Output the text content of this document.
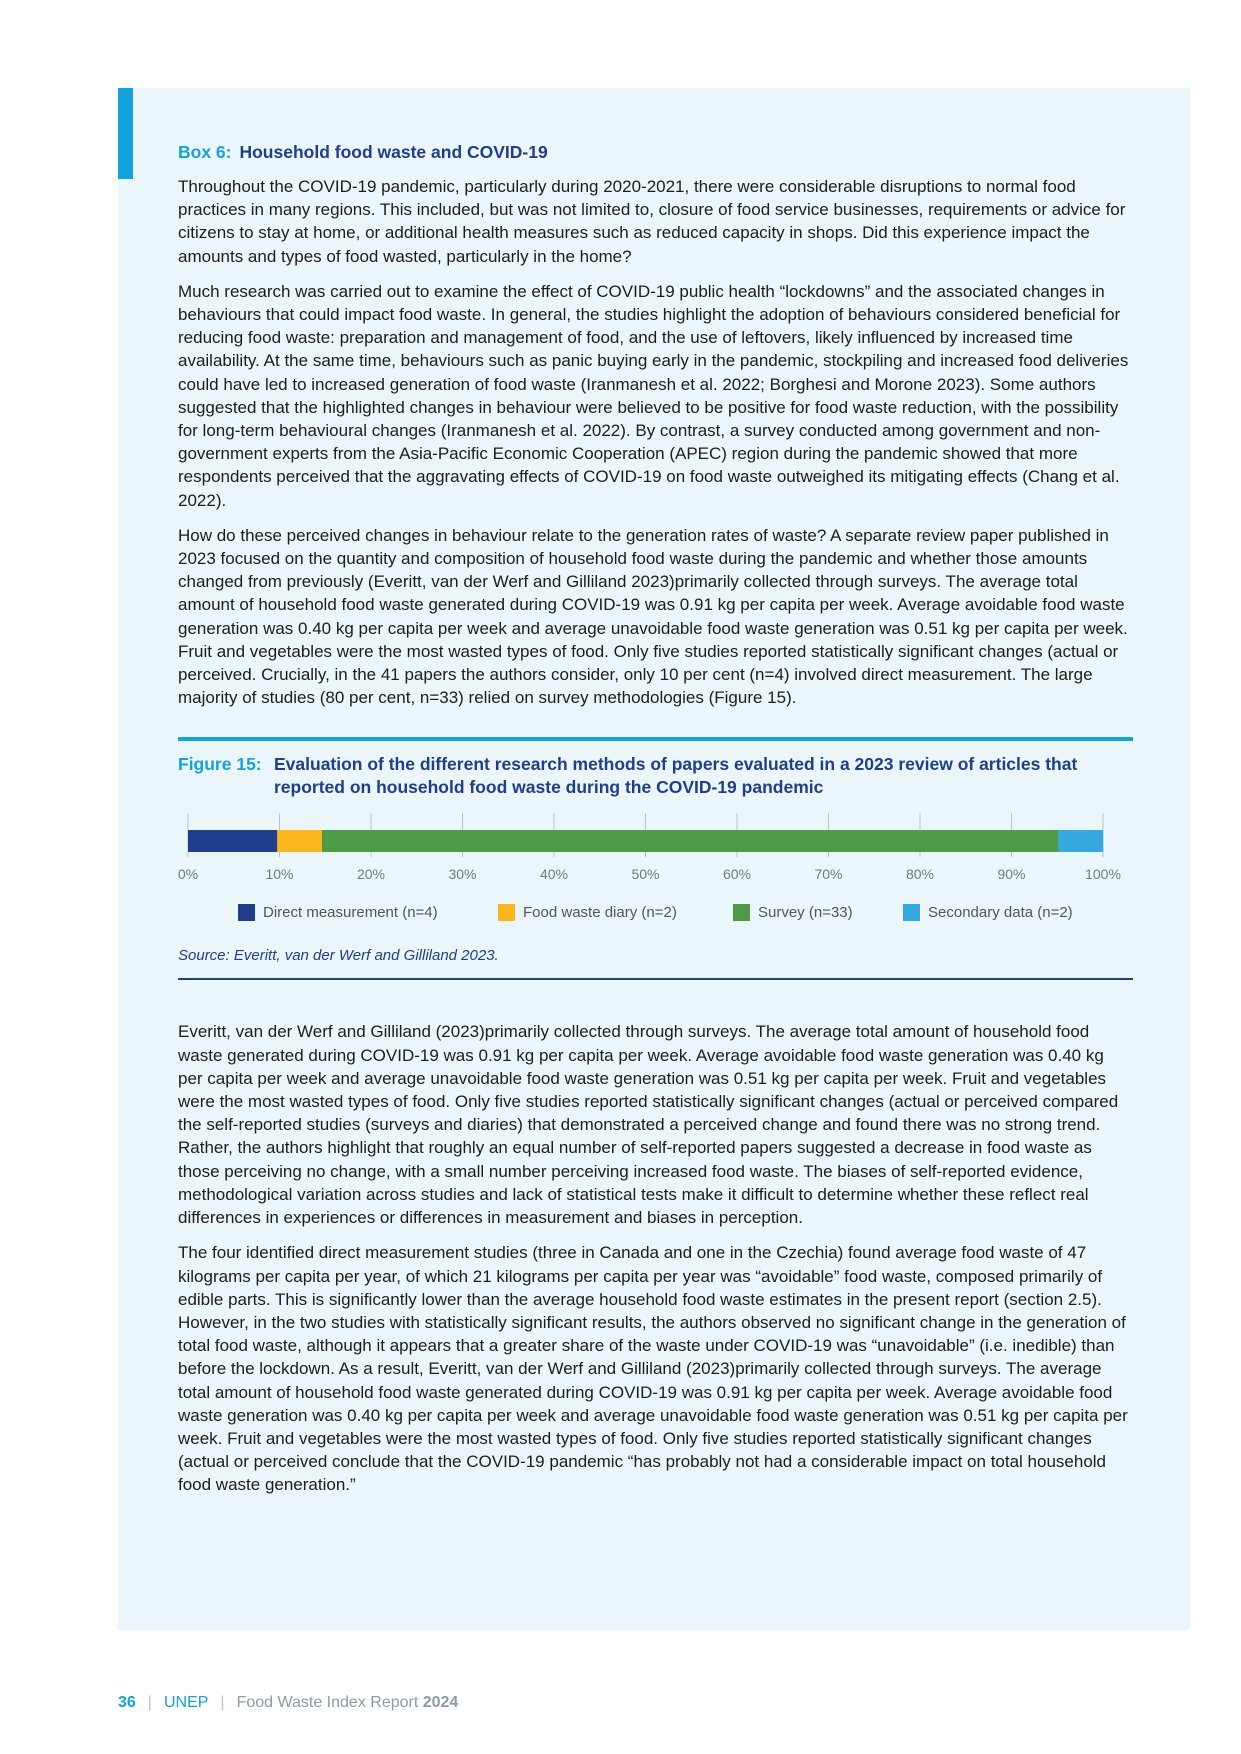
Box 6: Household food waste and COVID-19

Throughout the COVID-19 pandemic, particularly during 2020-2021, there were considerable disruptions to normal food practices in many regions. This included, but was not limited to, closure of food service businesses, requirements or advice for citizens to stay at home, or additional health measures such as reduced capacity in shops. Did this experience impact the amounts and types of food wasted, particularly in the home?

Much research was carried out to examine the effect of COVID-19 public health “lockdowns” and the associated changes in behaviours that could impact food waste. In general, the studies highlight the adoption of behaviours considered beneficial for reducing food waste: preparation and management of food, and the use of leftovers, likely influenced by increased time availability. At the same time, behaviours such as panic buying early in the pandemic, stockpiling and increased food deliveries could have led to increased generation of food waste (Iranmanesh et al. 2022; Borghesi and Morone 2023). Some authors suggested that the highlighted changes in behaviour were believed to be positive for food waste reduction, with the possibility for long-term behavioural changes (Iranmanesh et al. 2022). By contrast, a survey conducted among government and non-government experts from the Asia-Pacific Economic Cooperation (APEC) region during the pandemic showed that more respondents perceived that the aggravating effects of COVID-19 on food waste outweighed its mitigating effects (Chang et al. 2022).

How do these perceived changes in behaviour relate to the generation rates of waste? A separate review paper published in 2023 focused on the quantity and composition of household food waste during the pandemic and whether those amounts changed from previously (Everitt, van der Werf and Gilliland 2023)primarily collected through surveys. The average total amount of household food waste generated during COVID-19 was 0.91 kg per capita per week. Average avoidable food waste generation was 0.40 kg per capita per week and average unavoidable food waste generation was 0.51 kg per capita per week. Fruit and vegetables were the most wasted types of food. Only five studies reported statistically significant changes (actual or perceived. Crucially, in the 41 papers the authors consider, only 10 per cent (n=4) involved direct measurement. The large majority of studies (80 per cent, n=33) relied on survey methodologies (Figure 15).

Figure 15: Evaluation of the different research methods of papers evaluated in a 2023 review of articles that reported on household food waste during the COVID-19 pandemic
0%	10%	20%	30%	40%	50%	60%	70%	80%	90%	100%
Direct measurement (n=4)	Food waste diary (n=2)	Survey (n=33)	Secondary data (n=2)
Source: Everitt, van der Werf and Gilliland 2023.

Everitt, van der Werf and Gilliland (2023)primarily collected through surveys. The average total amount of household food waste generated during COVID-19 was 0.91 kg per capita per week. Average avoidable food waste generation was 0.40 kg per capita per week and average unavoidable food waste generation was 0.51 kg per capita per week. Fruit and vegetables were the most wasted types of food. Only five studies reported statistically significant changes (actual or perceived compared the self-reported studies (surveys and diaries) that demonstrated a perceived change and found there was no strong trend. Rather, the authors highlight that roughly an equal number of self-reported papers suggested a decrease in food waste as those perceiving no change, with a small number perceiving increased food waste. The biases of self-reported evidence, methodological variation across studies and lack of statistical tests make it difficult to determine whether these reflect real differences in experiences or differences in measurement and biases in perception.

The four identified direct measurement studies (three in Canada and one in the Czechia) found average food waste of 47 kilograms per capita per year, of which 21 kilograms per capita per year was “avoidable” food waste, composed primarily of edible parts. This is significantly lower than the average household food waste estimates in the present report (section 2.5). However, in the two studies with statistically significant results, the authors observed no significant change in the generation of total food waste, although it appears that a greater share of the waste under COVID-19 was “unavoidable” (i.e. inedible) than before the lockdown. As a result, Everitt, van der Werf and Gilliland (2023)primarily collected through surveys. The average total amount of household food waste generated during COVID-19 was 0.91 kg per capita per week. Average avoidable food waste generation was 0.40 kg per capita per week and average unavoidable food waste generation was 0.51 kg per capita per week. Fruit and vegetables were the most wasted types of food. Only five studies reported statistically significant changes (actual or perceived conclude that the COVID-19 pandemic “has probably not had a considerable impact on total household food waste generation.”

36 | UNEP | Food Waste Index Report 2024
